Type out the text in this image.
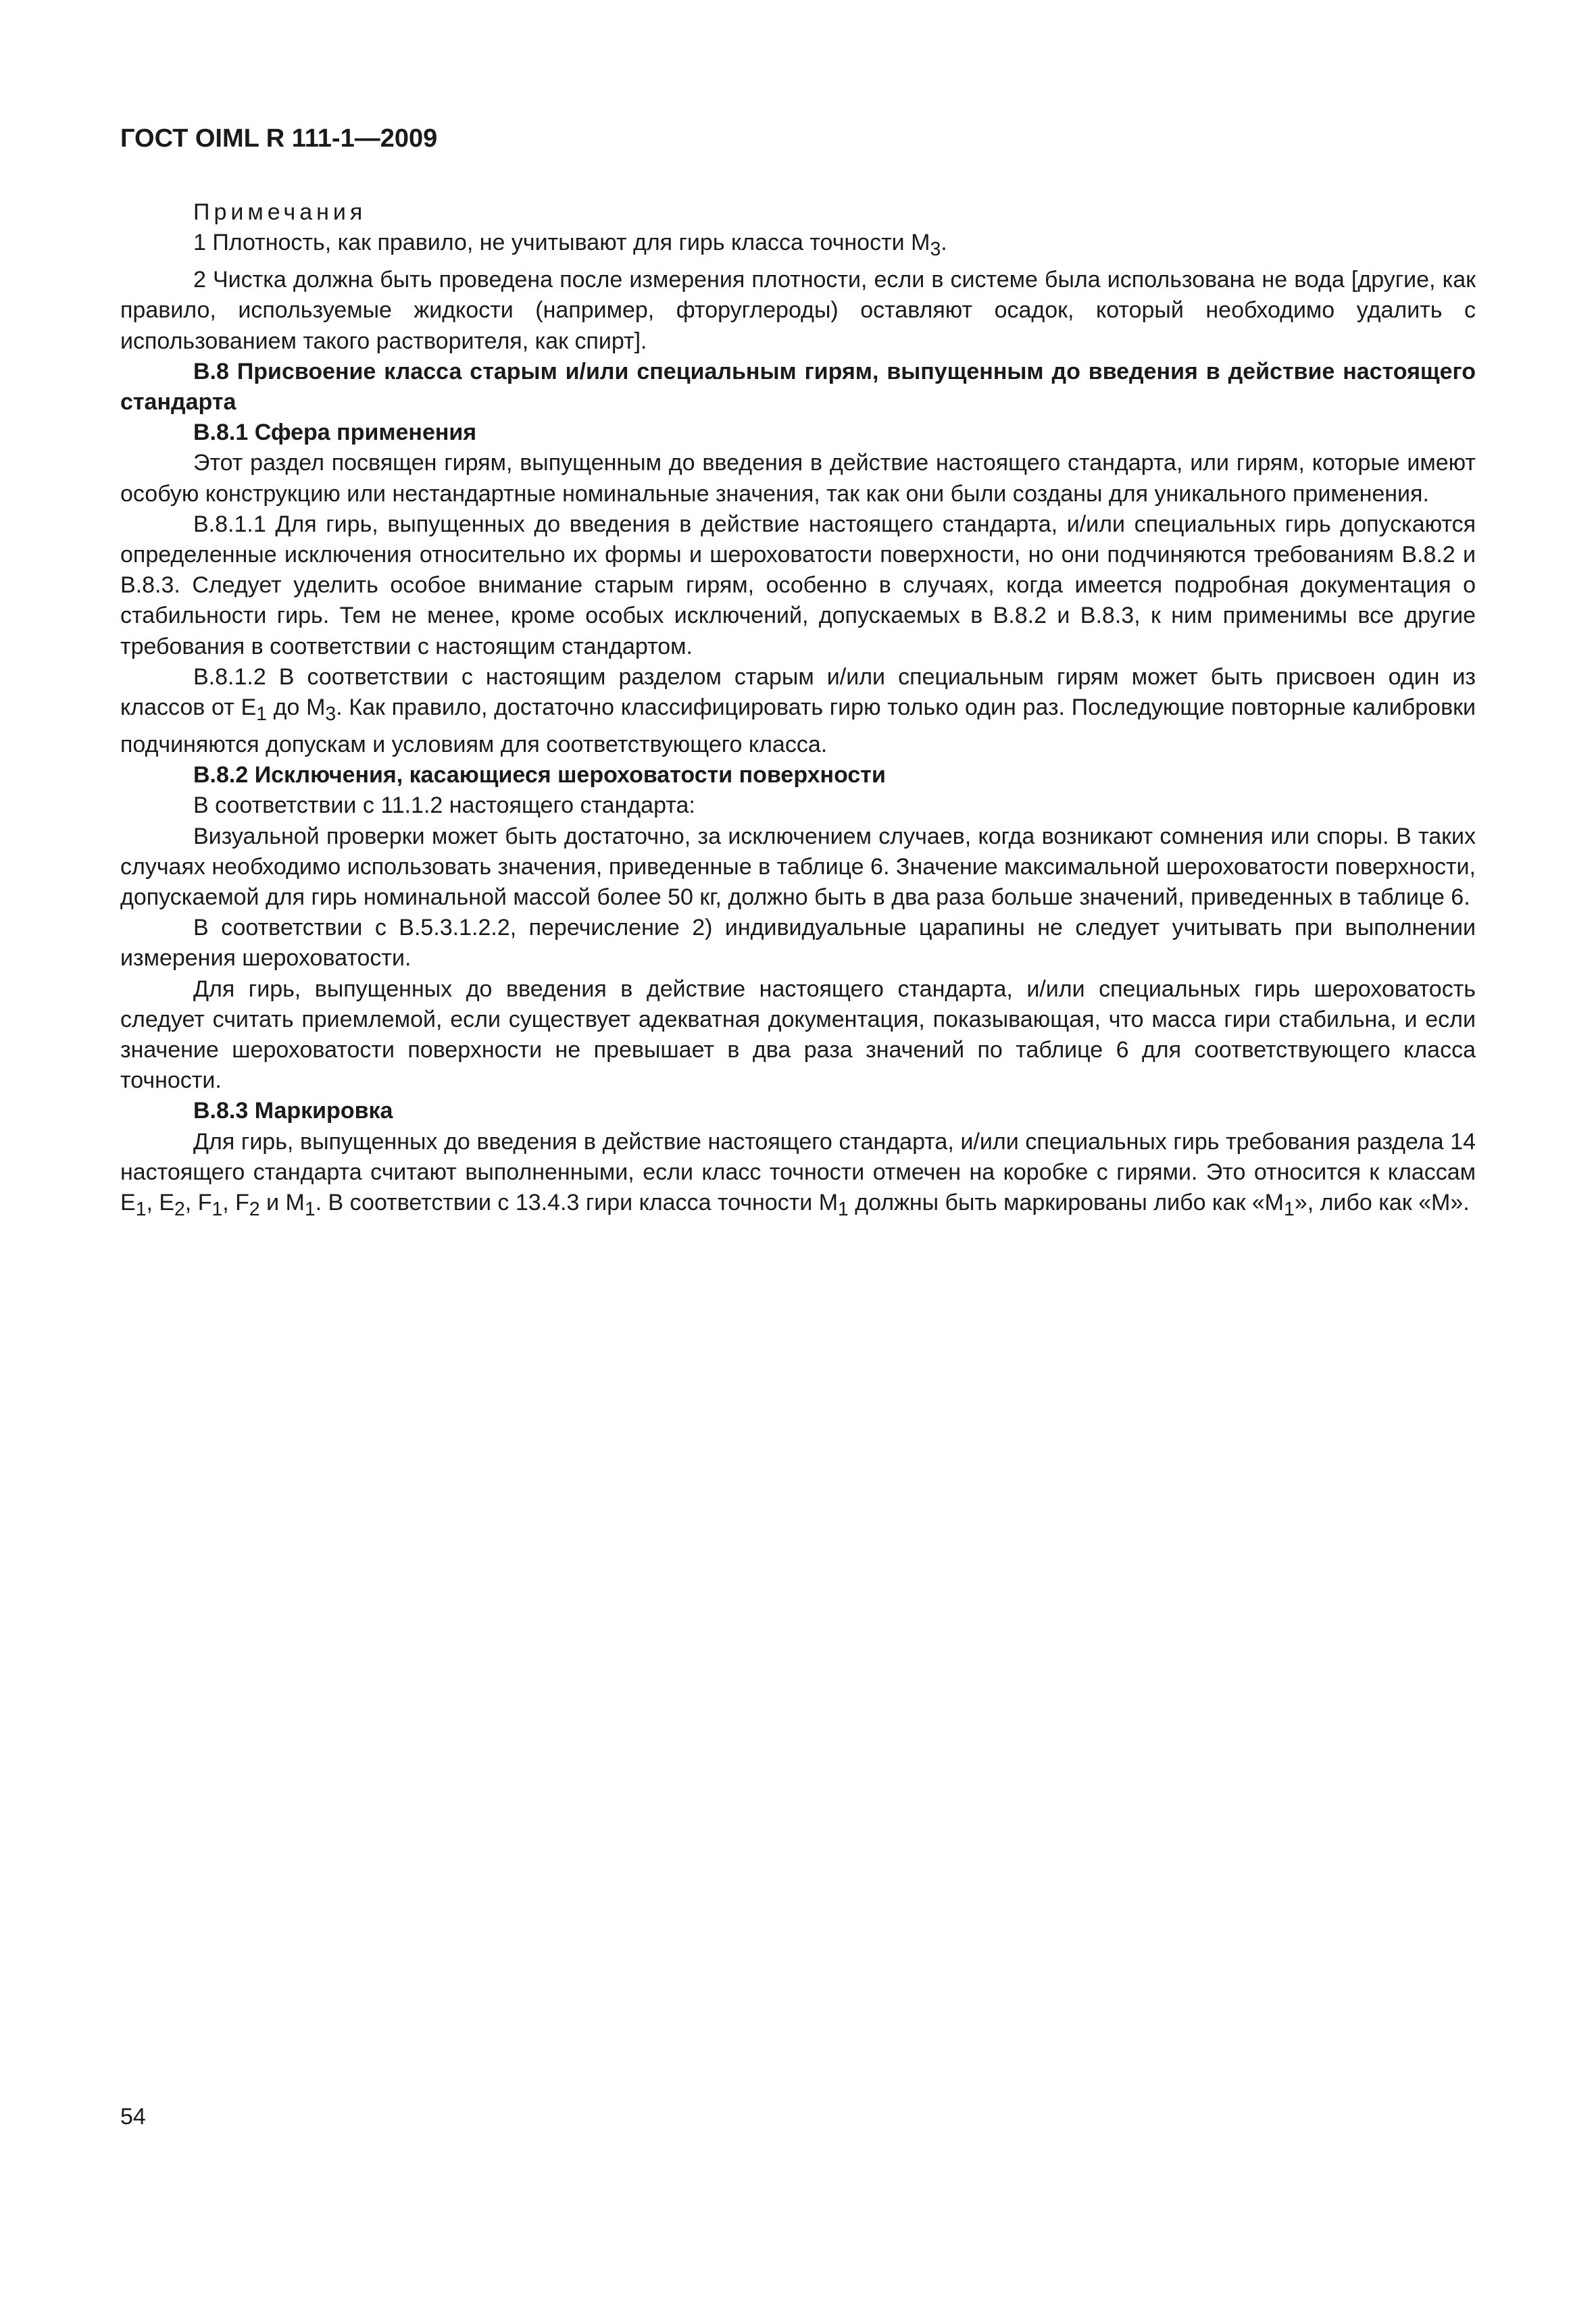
ГОСТ OIML R 111-1—2009

Примечания

1 Плотность, как правило, не учитывают для гирь класса точности $M_3$.

2 Чистка должна быть проведена после измерения плотности, если в системе была использована не вода [другие, как правило, используемые жидкости (например, фторуглероды) оставляют осадок, который необходимо удалить с использованием такого растворителя, как спирт].

В.8 Присвоение класса старым и/или специальным гирям, выпущенным до введения в действие настоящего стандарта

В.8.1 Сфера применения

Этот раздел посвящен гирям, выпущенным до введения в действие настоящего стандарта, или гирям, которые имеют особую конструкцию или нестандартные номинальные значения, так как они были созданы для уникального применения.

В.8.1.1 Для гирь, выпущенных до введения в действие настоящего стандарта, и/или специальных гирь допускаются определенные исключения относительно их формы и шероховатости поверхности, но они подчиняются требованиям В.8.2 и В.8.3. Следует уделить особое внимание старым гирям, особенно в случаях, когда имеется подробная документация о стабильности гирь. Тем не менее, кроме особых исключений, допускаемых в В.8.2 и В.8.3, к ним применимы все другие требования в соответствии с настоящим стандартом.

В.8.1.2 В соответствии с настоящим разделом старым и/или специальным гирям может быть присвоен один из классов от $E_1$ до $M_3$. Как правило, достаточно классифицировать гирю только один раз. Последующие повторные калибровки подчиняются допускам и условиям для соответствующего класса.

В.8.2 Исключения, касающиеся шероховатости поверхности

В соответствии с 11.1.2 настоящего стандарта:

Визуальной проверки может быть достаточно, за исключением случаев, когда возникают сомнения или споры. В таких случаях необходимо использовать значения, приведенные в таблице 6. Значение максимальной шероховатости поверхности, допускаемой для гирь номинальной массой более 50 кг, должно быть в два раза больше значений, приведенных в таблице 6.

В соответствии с В.5.3.1.2.2, перечисление 2) индивидуальные царапины не следует учитывать при выполнении измерения шероховатости.

Для гирь, выпущенных до введения в действие настоящего стандарта, и/или специальных гирь шероховатость следует считать приемлемой, если существует адекватная документация, показывающая, что масса гири стабильна, и если значение шероховатости поверхности не превышает в два раза значений по таблице 6 для соответствующего класса точности.

В.8.3 Маркировка

Для гирь, выпущенных до введения в действие настоящего стандарта, и/или специальных гирь требования раздела 14 настоящего стандарта считают выполненными, если класс точности отмечен на коробке с гирями. Это относится к классам $E_1$, $E_2$, $F_1$, $F_2$ и $M_1$. В соответствии с 13.4.3 гири класса точности $M_1$ должны быть маркированы либо как «$M_1$», либо как «M».

54
